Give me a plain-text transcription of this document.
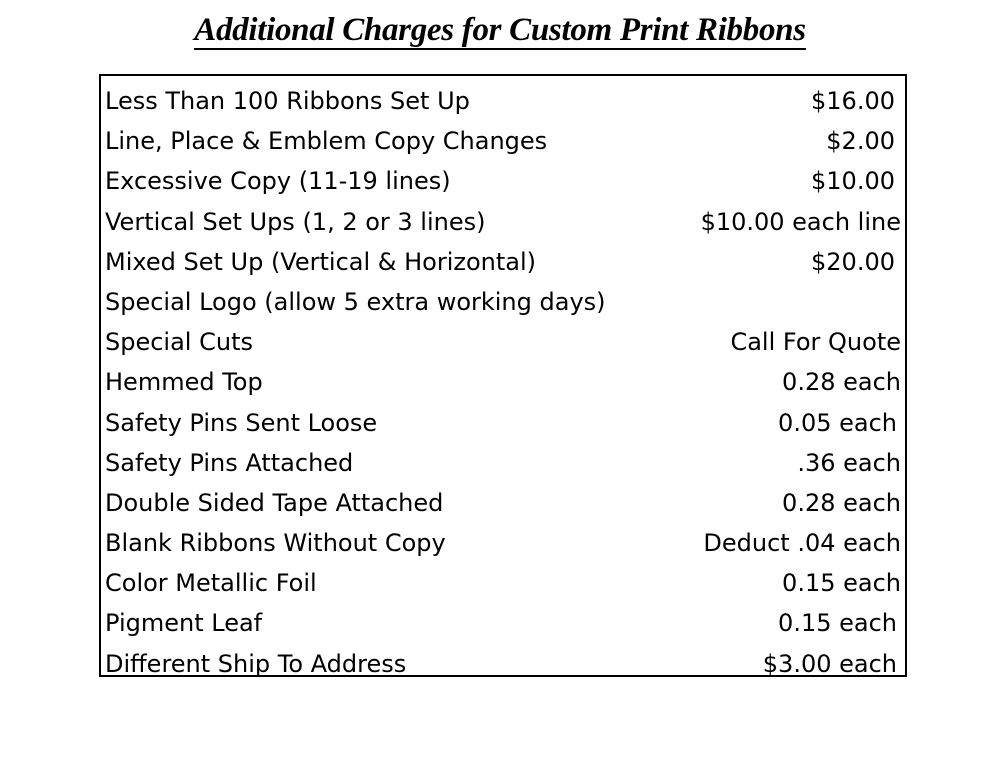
Additional Charges for Custom Print Ribbons
Less Than 100 Ribbons Set Up	$16.00
Line, Place & Emblem Copy Changes	$2.00
Excessive Copy (11-19 lines)	$10.00
Vertical Set Ups (1, 2 or 3 lines)	$10.00 each line
Mixed Set Up (Vertical & Horizontal)	$20.00
Special Logo (allow 5 extra working days)
Special Cuts	Call For Quote
Hemmed Top	0.28 each
Safety Pins Sent Loose	0.05 each
Safety Pins Attached	.36 each
Double Sided Tape Attached	0.28 each
Blank Ribbons Without Copy	Deduct .04 each
Color Metallic Foil	0.15 each
Pigment Leaf	0.15 each
Different Ship To Address	$3.00 each
